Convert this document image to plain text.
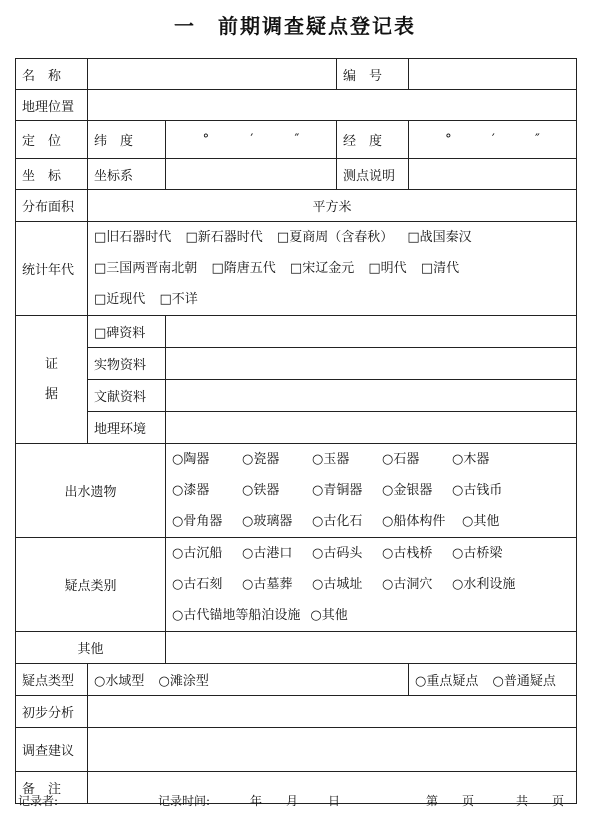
一　前期调查疑点登记表
名　称			编　号	
地理位置				
定　位	纬　度	° ′ ″	经　度	° ′ ″

坐　标	坐标系		测点说明	
分布面积	平方米			
统计年代	□ 旧石器时代 □ 新石器时代 □ 夏商周（含春秋） □ 战国秦汉
□ 三国两晋南北朝 □ 隋唐五代 □ 宋辽金元 □ 明代 □ 清代
□ 近现代 □ 不详
证
据	□ 碑资料	
	实物资料			
	文献资料			
	地理环境			
出水遗物		○ 陶器 ○ 瓷器 ○ 玉器 ○ 石器 ○ 木器
○ 漆器 ○ 铁器 ○ 青铜器 ○ 金银器 ○ 古钱币
○ 骨角器 ○ 玻璃器 ○ 古化石 ○ 船体构件 ○ 其他
疑点类别		○ 古沉船 ○ 古港口 ○ 古码头 ○ 古栈桥 ○ 古桥梁
○ 古石刻 ○ 古墓葬 ○ 古城址 ○ 古洞穴 ○ 水利设施
○ 古代锚地等船泊设施 ○ 其他
其他				
疑点类型	○ 水域型 ○ 滩涂型			○ 重点疑点 ○ 普通疑点
初步分析				
调查建议				
备　注				
记录者:	记录时间:	年 月 日	第 页	共 页
